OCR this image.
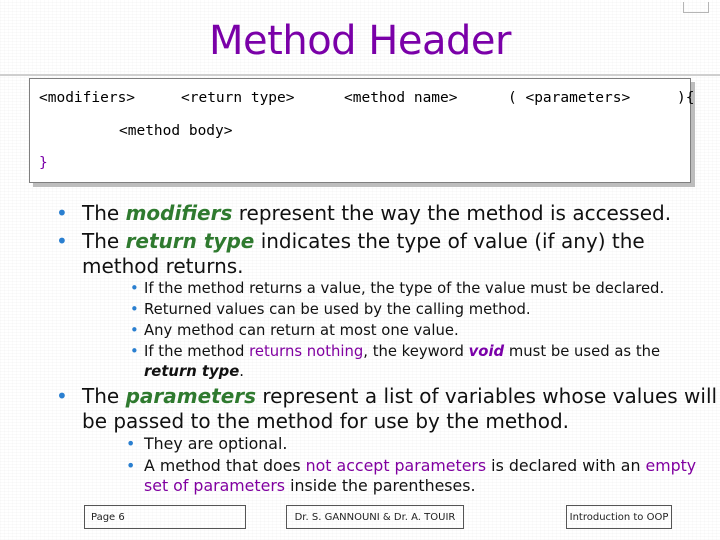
Method Header
<modifiers>	<return type>	<method name>	( <parameters>	){
<method body>
}
• The modifiers represent the way the method is accessed.
• The return type indicates the type of value (if any) the method returns.
• If the method returns a value, the type of the value must be declared.
• Returned values can be used by the calling method.
• Any method can return at most one value.
• If the method returns nothing, the keyword void must be used as the
return type.
• The parameters represent a list of variables whose values will be passed to the method for use by the method.
• They are optional.
• A method that does not accept parameters is declared with an empty set of parameters inside the parentheses.
Page 6	Dr. S. GANNOUNI & Dr. A. TOUIR	Introduction to OOP
